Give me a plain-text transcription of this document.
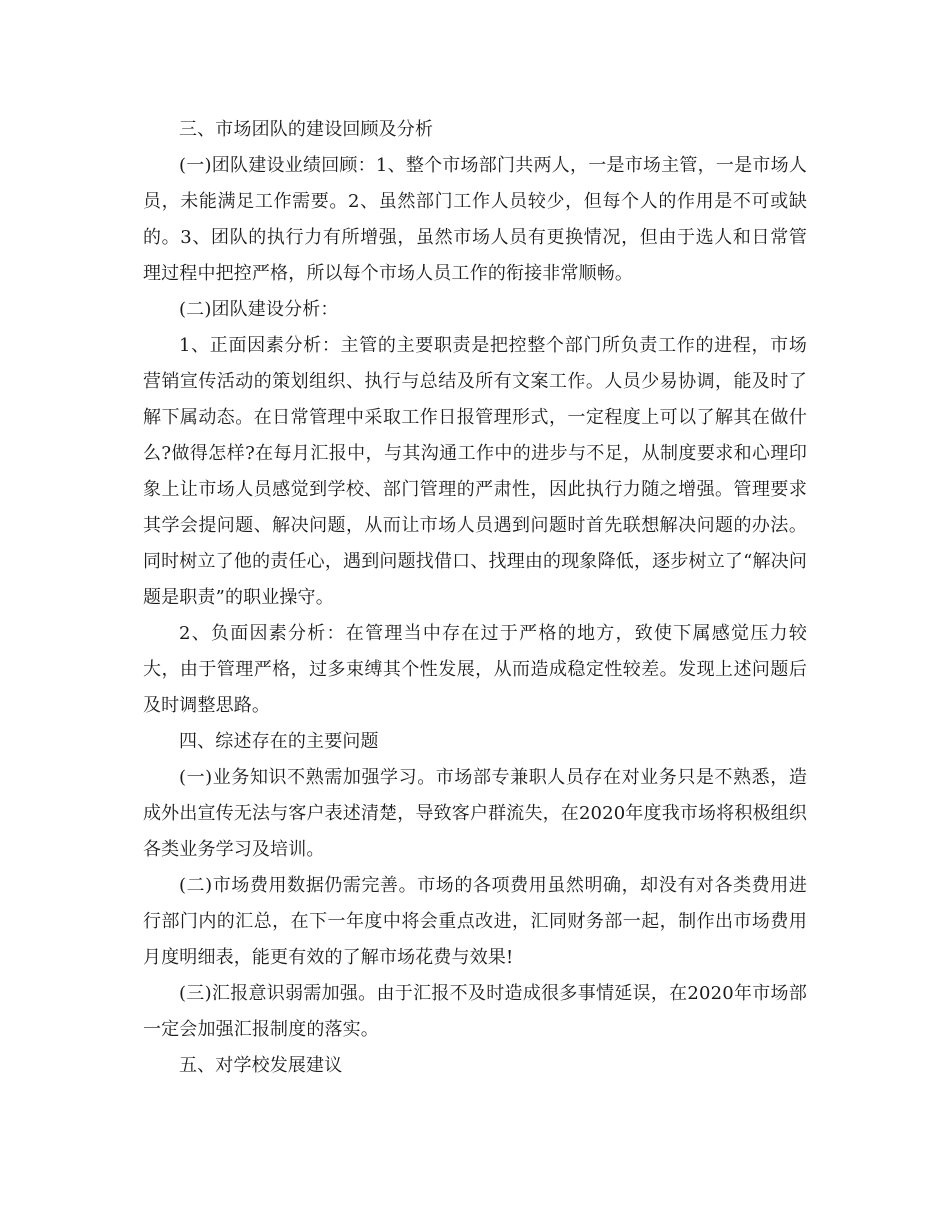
三、市场团队的建设回顾及分析

(一)团队建设业绩回顾：1、整个市场部门共两人，一是市场主管，一是市场人员，未能满足工作需要。2、虽然部门工作人员较少，但每个人的作用是不可或缺的。3、团队的执行力有所增强，虽然市场人员有更换情况，但由于选人和日常管理过程中把控严格，所以每个市场人员工作的衔接非常顺畅。

(二)团队建设分析：

1、正面因素分析：主管的主要职责是把控整个部门所负责工作的进程，市场营销宣传活动的策划组织、执行与总结及所有文案工作。人员少易协调，能及时了解下属动态。在日常管理中采取工作日报管理形式，一定程度上可以了解其在做什么?做得怎样?在每月汇报中，与其沟通工作中的进步与不足，从制度要求和心理印象上让市场人员感觉到学校、部门管理的严肃性，因此执行力随之增强。管理要求其学会提问题、解决问题，从而让市场人员遇到问题时首先联想解决问题的办法。同时树立了他的责任心，遇到问题找借口、找理由的现象降低，逐步树立了“解决问题是职责”的职业操守。

2、负面因素分析：在管理当中存在过于严格的地方，致使下属感觉压力较大，由于管理严格，过多束缚其个性发展，从而造成稳定性较差。发现上述问题后及时调整思路。

四、综述存在的主要问题

(一)业务知识不熟需加强学习。市场部专兼职人员存在对业务只是不熟悉，造成外出宣传无法与客户表述清楚，导致客户群流失，在2020年度我市场将积极组织各类业务学习及培训。

(二)市场费用数据仍需完善。市场的各项费用虽然明确，却没有对各类费用进行部门内的汇总，在下一年度中将会重点改进，汇同财务部一起，制作出市场费用月度明细表，能更有效的了解市场花费与效果!

(三)汇报意识弱需加强。由于汇报不及时造成很多事情延误，在2020年市场部一定会加强汇报制度的落实。

五、对学校发展建议
